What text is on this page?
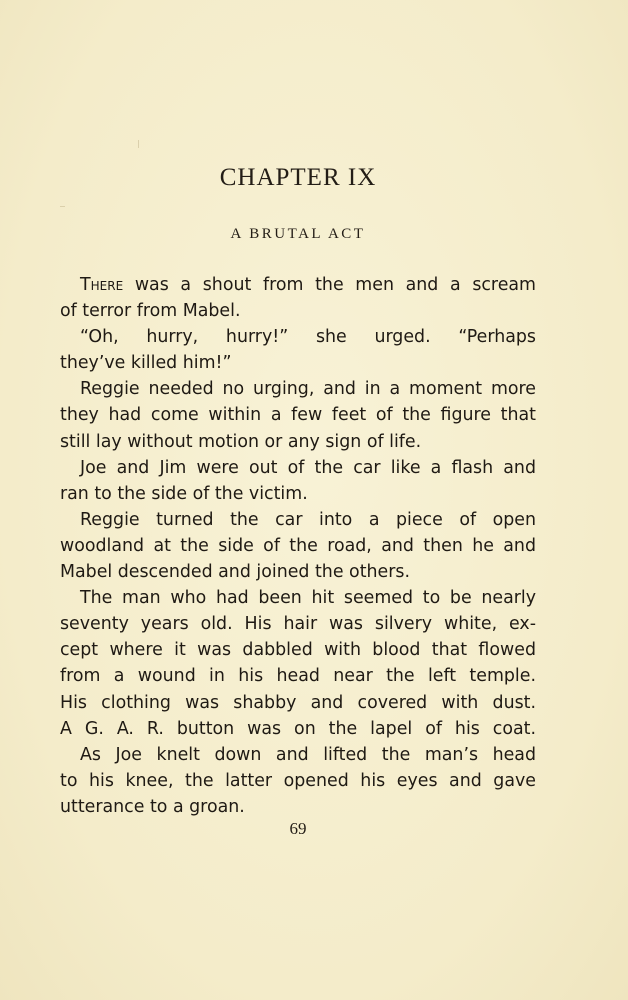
CHAPTER IX
A BRUTAL ACT
There was a shout from the men and a scream
of terror from Mabel.
“Oh, hurry, hurry!” she urged. “Perhaps
they’ve killed him!”
Reggie needed no urging, and in a moment more
they had come within a few feet of the figure that
still lay without motion or any sign of life.
Joe and Jim were out of the car like a flash and
ran to the side of the victim.
Reggie turned the car into a piece of open
woodland at the side of the road, and then he and
Mabel descended and joined the others.
The man who had been hit seemed to be nearly
seventy years old. His hair was silvery white, ex-
cept where it was dabbled with blood that flowed
from a wound in his head near the left temple.
His clothing was shabby and covered with dust.
A G. A. R. button was on the lapel of his coat.
As Joe knelt down and lifted the man’s head
to his knee, the latter opened his eyes and gave
utterance to a groan.
69
